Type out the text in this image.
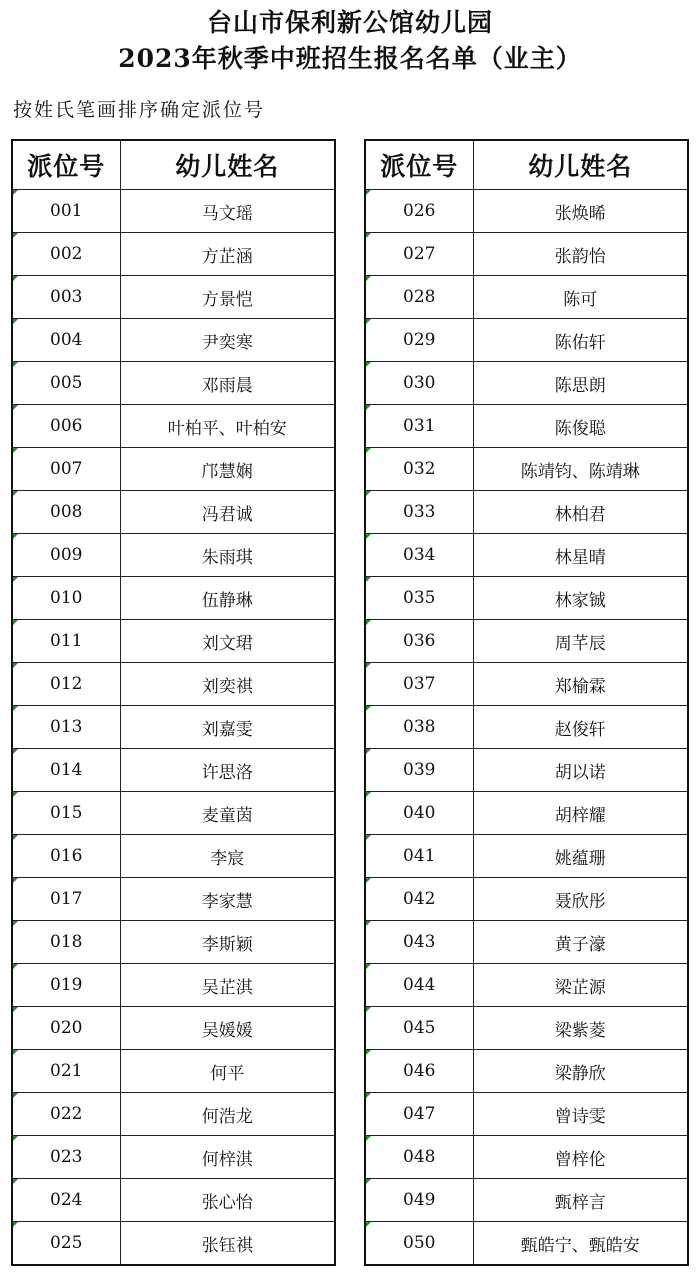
台山市保利新公馆幼儿园
2023年秋季中班招生报名名单（业主）
按姓氏笔画排序确定派位号
派位号	幼儿姓名
001	马文瑶
002	方芷涵
003	方景恺
004	尹奕寒
005	邓雨晨
006	叶柏平、叶柏安
007	邝慧娴
008	冯君诚
009	朱雨琪
010	伍静琳
011	刘文珺
012	刘奕祺
013	刘嘉雯
014	许思洛
015	麦童茵
016	李宸
017	李家慧
018	李斯颖
019	吴芷淇
020	吴媛媛
021	何平
022	何浩龙
023	何梓淇
024	张心怡
025	张钰祺
派位号	幼儿姓名
026	张焕晞
027	张韵怡
028	陈可
029	陈佑轩
030	陈思朗
031	陈俊聪
032	陈靖钧、陈靖琳
033	林柏君
034	林星晴
035	林家铖
036	周芊辰
037	郑榆霖
038	赵俊轩
039	胡以诺
040	胡梓耀
041	姚蕴珊
042	聂欣彤
043	黄子濠
044	梁芷源
045	梁紫菱
046	梁静欣
047	曾诗雯
048	曾梓伦
049	甄梓言
050	甄皓宁、甄皓安
